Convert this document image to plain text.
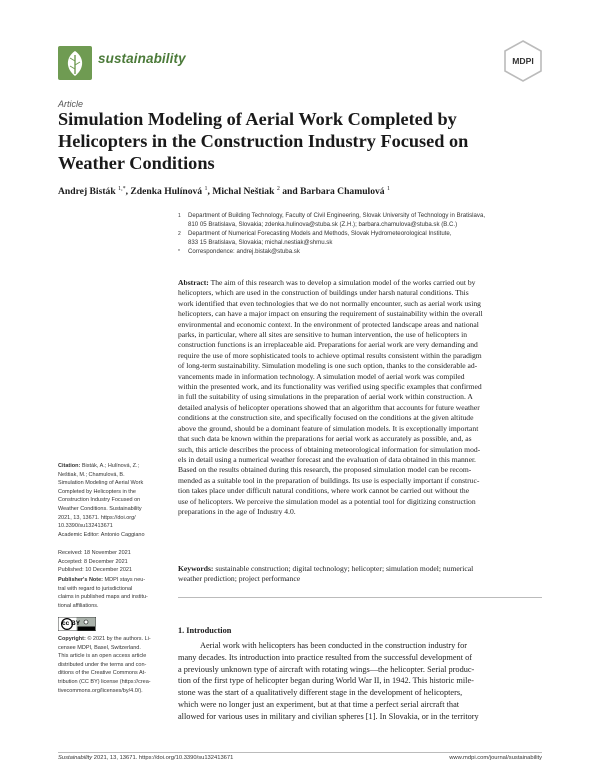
sustainability	MDPI
Article
Simulation Modeling of Aerial Work Completed by
Helicopters in the Construction Industry Focused on
Weather Conditions
Andrej Bisták $^{1,*}$, Zdenka Hulínová $^1$, Michal Neštiak $^2$ and Barbara Chamulová $^1$
1 Department of Building Technology, Faculty of Civil Engineering, Slovak University of Technology in Bratislava,
810 05 Bratislava, Slovakia; zdenka.hulinova@stuba.sk (Z.H.); barbara.chamulova@stuba.sk (B.C.)
2 Department of Numerical Forecasting Models and Methods, Slovak Hydrometeorological Institute,
833 15 Bratislava, Slovakia; michal.nestiak@shmu.sk
* Correspondence: andrej.bistak@stuba.sk
Abstract: The aim of this research was to develop a simulation model of the works carried out by
helicopters, which are used in the construction of buildings under harsh natural conditions. This
work identified that even technologies that we do not normally encounter, such as aerial work using
helicopters, can have a major impact on ensuring the requirement of sustainability within the overall
environmental and economic context. In the environment of protected landscape areas and national
parks, in particular, where all sites are sensitive to human intervention, the use of helicopters in
construction functions is an irreplaceable aid. Preparations for aerial work are very demanding and
require the use of more sophisticated tools to achieve optimal results consistent within the paradigm
of long-term sustainability. Simulation modeling is one such option, thanks to the considerable ad-
vancements made in information technology. A simulation model of aerial work was compiled
within the presented work, and its functionality was verified using specific examples that confirmed
in full the suitability of using simulations in the preparation of aerial work within construction. A
detailed analysis of helicopter operations showed that an algorithm that accounts for future weather
conditions at the construction site, and specifically focused on the conditions at the given altitude
above the ground, should be a dominant feature of simulation models. It is exceptionally important
that such data be known within the preparations for aerial work as accurately as possible, and, as
such, this article describes the process of obtaining meteorological information for simulation mod-
els in detail using a numerical weather forecast and the evaluation of data obtained in this manner.
Based on the results obtained during this research, the proposed simulation model can be recom-
mended as a suitable tool in the preparation of buildings. Its use is especially important if construc-
tion takes place under difficult natural conditions, where work cannot be carried out without the
use of helicopters. We perceive the simulation model as a potential tool for digitizing construction
preparations in the age of Industry 4.0.
Keywords: sustainable construction; digital technology; helicopter; simulation model; numerical
weather prediction; project performance
Citation: Bisták, A.; Hulínová, Z.;
Neštiak, M.; Chamulová, B.
Simulation Modeling of Aerial Work
Completed by Helicopters in the
Construction Industry Focused on
Weather Conditions. Sustainability
2021, 13, 13671. https://doi.org/
10.3390/su132413671
Academic Editor: Antonio Caggiano
Received: 18 November 2021
Accepted: 8 December 2021
Published: 10 December 2021
Publisher's Note: MDPI stays neu-
tral with regard to jurisdictional
claims in published maps and institu-
tional affiliations.
cc BY
Copyright: © 2021 by the authors. Li-
censee MDPI, Basel, Switzerland.
This article is an open access article
distributed under the terms and con-
ditions of the Creative Commons At-
tribution (CC BY) license (https://crea-
tivecommons.org/licenses/by/4.0/).
1. Introduction
Aerial work with helicopters has been conducted in the construction industry for
many decades. Its introduction into practice resulted from the successful development of
a previously unknown type of aircraft with rotating wings—the helicopter. Serial produc-
tion of the first type of helicopter began during World War II, in 1942. This historic mile-
stone was the start of a qualitatively different stage in the development of helicopters,
which were no longer just an experiment, but at that time a perfect serial aircraft that
allowed for various uses in military and civilian spheres [1]. In Slovakia, or in the territory
Sustainability 2021, 13, 13671. https://doi.org/10.3390/su132413671	www.mdpi.com/journal/sustainability
